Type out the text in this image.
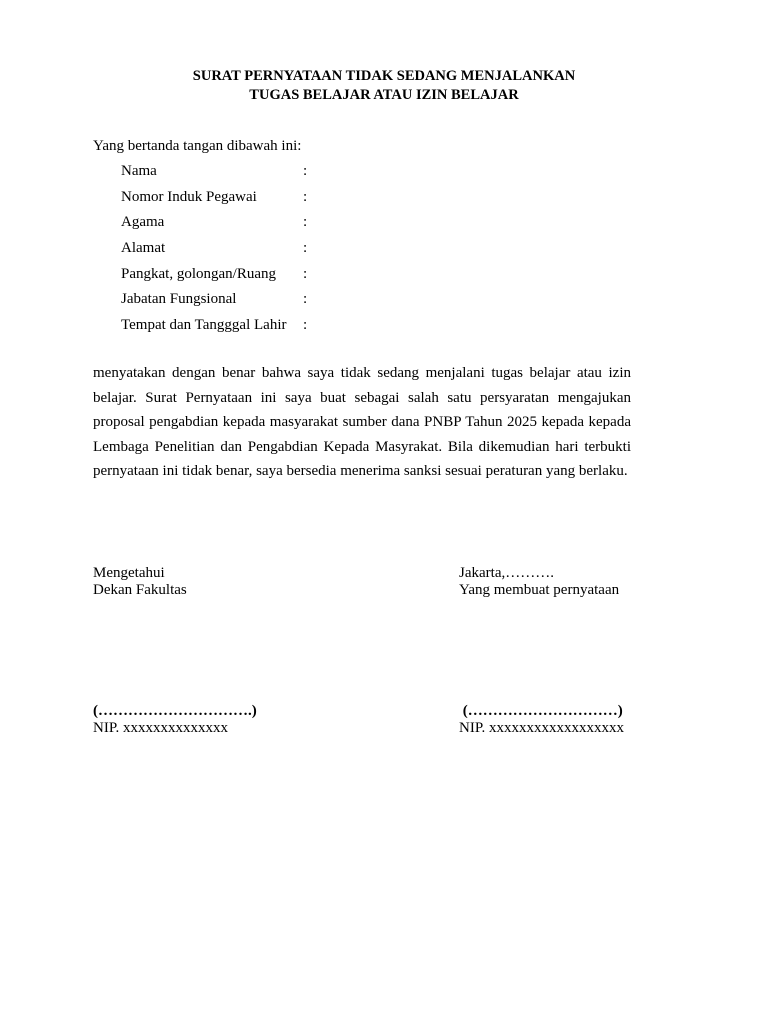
SURAT PERNYATAAN TIDAK SEDANG MENJALANKAN
TUGAS BELAJAR ATAU IZIN BELAJAR
Yang bertanda tangan dibawah ini:
Nama	:
Nomor Induk Pegawai	:
Agama	:
Alamat	:
Pangkat, golongan/Ruang :
Jabatan Fungsional	:
Tempat dan Tangggal Lahir :
menyatakan dengan benar bahwa saya tidak sedang menjalani tugas belajar atau izin belajar. Surat Pernyataan ini saya buat sebagai salah satu persyaratan mengajukan proposal pengabdian kepada masyarakat sumber dana PNBP Tahun 2025 kepada kepada Lembaga Penelitian dan Pengabdian Kepada Masyrakat. Bila dikemudian hari terbukti pernyataan ini tidak benar, saya bersedia menerima sanksi sesuai peraturan yang berlaku.
Mengetahui
Dekan Fakultas
Jakarta,……….
Yang membuat pernyataan
(………………………….)
NIP. xxxxxxxxxxxxxx
(…………………………)
NIP. xxxxxxxxxxxxxxxxxx
